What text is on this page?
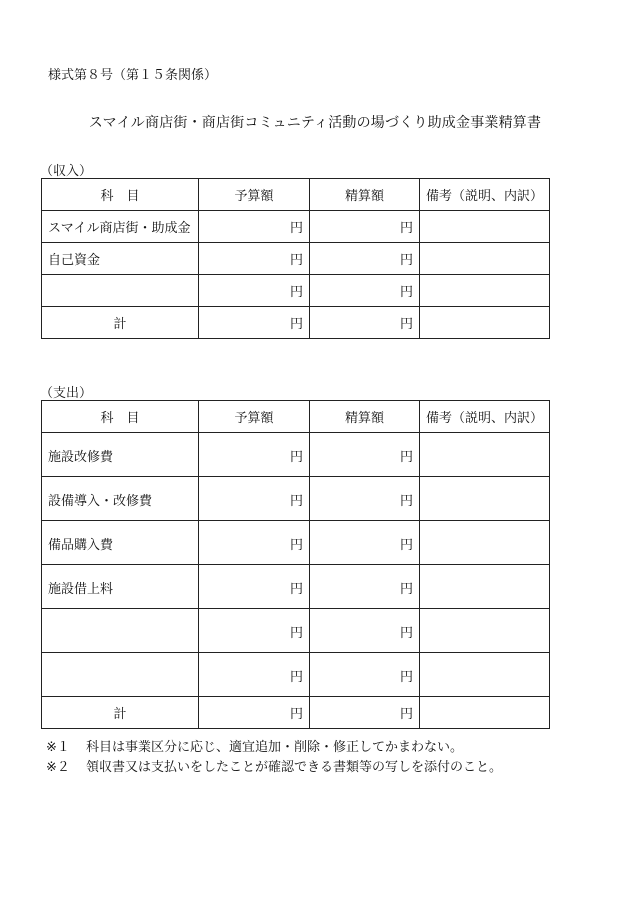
様式第８号（第１５条関係）
スマイル商店街・商店街コミュニティ活動の場づくり助成金事業精算書
（収入）
科　目	予算額	精算額	備考（説明、内訳）
スマイル商店街・助成金	円	円	
自己資金	円	円	
	円	円	
計	円	円	
（支出）
科　目	予算額	精算額	備考（説明、内訳）
施設改修費	円	円	
設備導入・改修費	円	円	
備品購入費	円	円	
施設借上料	円	円	
	円	円	
	円	円	
計	円	円	
※１ 科目は事業区分に応じ、適宜追加・削除・修正してかまわない。
※２ 領収書又は支払いをしたことが確認できる書類等の写しを添付のこと。
